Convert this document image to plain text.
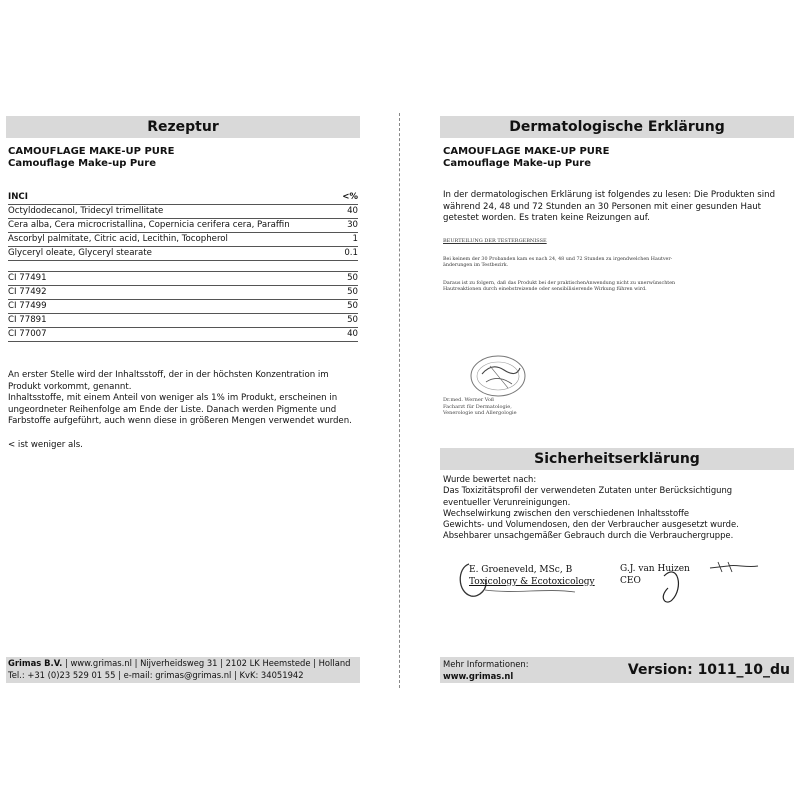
Rezeptur
CAMOUFLAGE MAKE-UP PURE
Camouflage Make-up Pure
INCI	<%
Octyldodecanol, Tridecyl trimellitate	40
Cera alba, Cera microcristallina, Copernicia cerifera cera, Paraffin	30
Ascorbyl palmitate, Citric acid, Lecithin, Tocopherol	1
Glyceryl oleate, Glyceryl stearate	0.1

CI 77491	50
CI 77492	50
CI 77499	50
CI 77891	50
CI 77007	40
An erster Stelle wird der Inhaltsstoff, der in der höchsten Konzentration im Produkt vorkommt, genannt.
Inhaltsstoffe, mit einem Anteil von weniger als 1% im Produkt, erscheinen in ungeordneter Reihenfolge am Ende der Liste. Danach werden Pigmente und Farbstoffe aufgeführt, auch wenn diese in größeren Mengen verwendet wurden.
< ist weniger als.
Grimas B.V. | www.grimas.nl | Nijverheidsweg 31 | 2102 LK Heemstede | Holland
Tel.: +31 (0)23 529 01 55 | e-mail: grimas@grimas.nl | KvK: 34051942
Dermatologische Erklärung
CAMOUFLAGE MAKE-UP PURE
Camouflage Make-up Pure
In der dermatologischen Erklärung ist folgendes zu lesen: Die Produkten sind während 24, 48 und 72 Stunden an 30 Personen mit einer gesunden Haut getestet worden. Es traten keine Reizungen auf.
BEURTEILUNG DER TESTERGEBNISSE
Bei keinem der 30 Probanden kam es nach 24, 48 und 72 Stunden zu irgendwelchen Hautver-änderungen im Testbezirk.
Daraus ist zu folgern, daß das Produkt bei der praktischenAnwendung nicht zu unerwünschten Hautreaktionen durch einebstreizende oder sensibilisierende Wirkung führen wird.
Dr.med. Werner Voß
Facharzt für Dermatologie,
Venerologie und Allergologie
Sicherheitserklärung
Wurde bewertet nach:
Das Toxizitätsprofil der verwendeten Zutaten unter Berücksichtigung
eventueller Verunreinigungen.
Wechselwirkung zwischen den verschiedenen Inhaltsstoffe
Gewichts- und Volumendosen, den der Verbraucher ausgesetzt wurde.
Absehbarer unsachgemäßer Gebrauch durch die Verbrauchergruppe.
E. Groeneveld, MSc, B
Toxicology & Ecotoxicology
G.J. van Huizen
CEO
Mehr Informationen:
www.grimas.nl	Version: 1011_10_du
